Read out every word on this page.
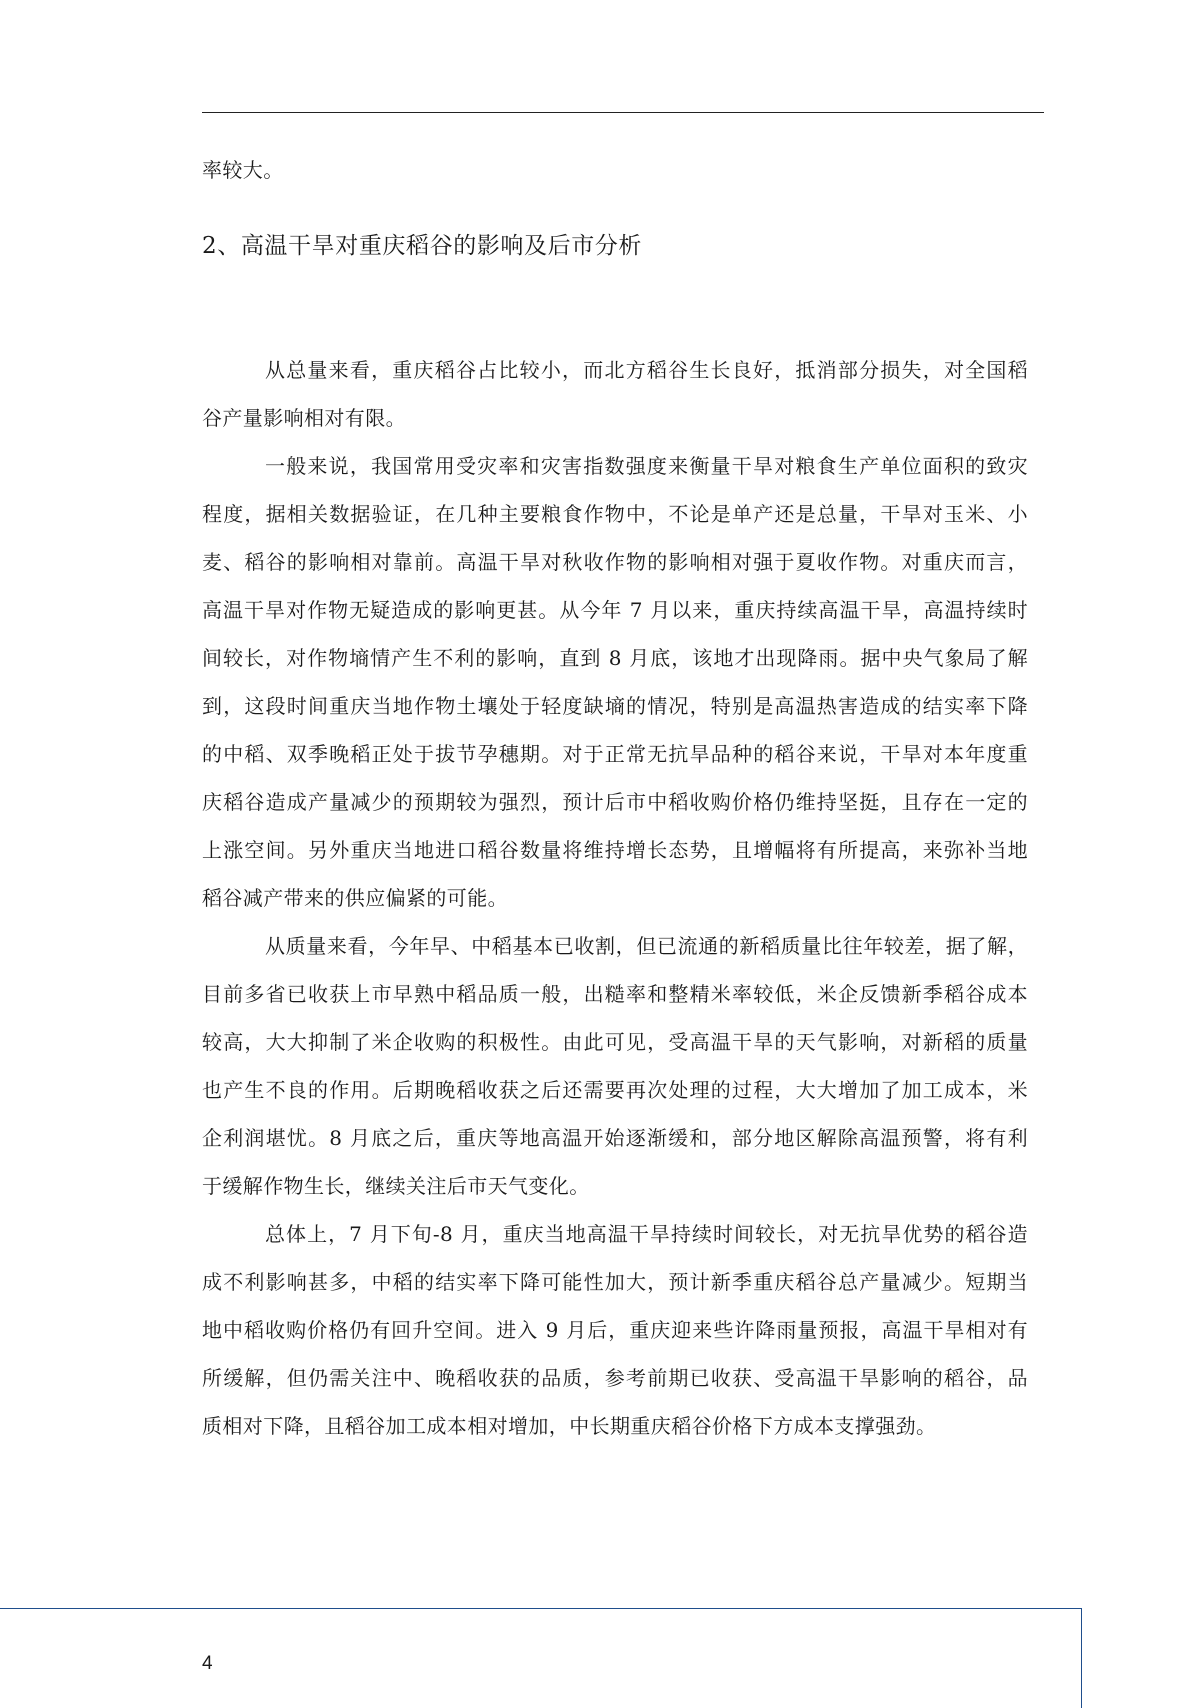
率较大。
2、高温干旱对重庆稻谷的影响及后市分析
从总量来看，重庆稻谷占比较小，而北方稻谷生长良好，抵消部分损失，对全国稻
谷产量影响相对有限。
一般来说，我国常用受灾率和灾害指数强度来衡量干旱对粮食生产单位面积的致灾
程度，据相关数据验证，在几种主要粮食作物中，不论是单产还是总量，干旱对玉米、小
麦、稻谷的影响相对靠前。高温干旱对秋收作物的影响相对强于夏收作物。对重庆而言，
高温干旱对作物无疑造成的影响更甚。从今年 7 月以来，重庆持续高温干旱，高温持续时
间较长，对作物墒情产生不利的影响，直到 8 月底，该地才出现降雨。据中央气象局了解
到，这段时间重庆当地作物土壤处于轻度缺墒的情况，特别是高温热害造成的结实率下降
的中稻、双季晚稻正处于拔节孕穗期。对于正常无抗旱品种的稻谷来说，干旱对本年度重
庆稻谷造成产量减少的预期较为强烈，预计后市中稻收购价格仍维持坚挺，且存在一定的
上涨空间。另外重庆当地进口稻谷数量将维持增长态势，且增幅将有所提高，来弥补当地
稻谷减产带来的供应偏紧的可能。
从质量来看，今年早、中稻基本已收割，但已流通的新稻质量比往年较差，据了解，
目前多省已收获上市早熟中稻品质一般，出糙率和整精米率较低，米企反馈新季稻谷成本
较高，大大抑制了米企收购的积极性。由此可见，受高温干旱的天气影响，对新稻的质量
也产生不良的作用。后期晚稻收获之后还需要再次处理的过程，大大增加了加工成本，米
企利润堪忧。8 月底之后，重庆等地高温开始逐渐缓和，部分地区解除高温预警，将有利
于缓解作物生长，继续关注后市天气变化。
总体上，7 月下旬-8 月，重庆当地高温干旱持续时间较长，对无抗旱优势的稻谷造
成不利影响甚多，中稻的结实率下降可能性加大，预计新季重庆稻谷总产量减少。短期当
地中稻收购价格仍有回升空间。进入 9 月后，重庆迎来些许降雨量预报，高温干旱相对有
所缓解，但仍需关注中、晚稻收获的品质，参考前期已收获、受高温干旱影响的稻谷，品
质相对下降，且稻谷加工成本相对增加，中长期重庆稻谷价格下方成本支撑强劲。
4
